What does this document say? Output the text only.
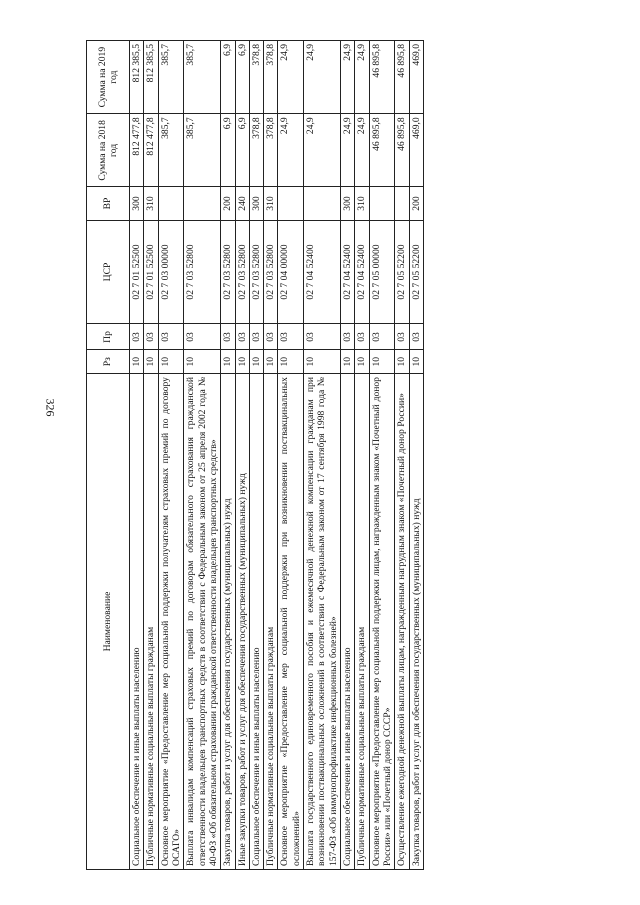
326
Наименование	Рз	Пр	ЦСР	ВР	Сумма на 2018 год	Сумма на 2019 год
Социальное обеспечение и иные выплаты населению	10	03	02 7 01 52500	300	812 477,8	812 385,5
Публичные нормативные социальные выплаты гражданам	10	03	02 7 01 52500	310	812 477,8	812 385,5
Основное мероприятие «Предоставление мер социальной поддержки получателям страховых премий по договору ОСАГО»	10	03	02 7 03 00000		385,7	385,7
Выплата инвалидам компенсаций страховых премий по договорам обязательного страхования гражданской ответственности владельцев транспортных средств в соответствии с Федеральным законом от 25 апреля 2002 года № 40-ФЗ «Об обязательном страховании гражданской ответственности владельцев транспортных средств»	10	03	02 7 03 52800		385,7	385,7
Закупка товаров, работ и услуг для обеспечения государственных (муниципальных) нужд	10	03	02 7 03 52800	200	6,9	6,9
Иные закупки товаров, работ и услуг для обеспечения государственных (муниципальных) нужд	10	03	02 7 03 52800	240	6,9	6,9
Социальное обеспечение и иные выплаты населению	10	03	02 7 03 52800	300	378,8	378,8
Публичные нормативные социальные выплаты гражданам	10	03	02 7 03 52800	310	378,8	378,8
Основное мероприятие «Предоставление мер социальной поддержки при возникновении поствакцинальных осложнений»	10	03	02 7 04 00000		24,9	24,9
Выплата государственного единовременного пособия и ежемесячной денежной компенсации гражданам при возникновении поствакцинальных осложнений в соответствии с Федеральным законом от 17 сентября 1998 года № 157-ФЗ «Об иммунопрофилактике инфекционных болезней»	10	03	02 7 04 52400		24,9	24,9
Социальное обеспечение и иные выплаты населению	10	03	02 7 04 52400	300	24,9	24,9
Публичные нормативные социальные выплаты гражданам	10	03	02 7 04 52400	310	24,9	24,9
Основное мероприятие «Предоставление мер социальной поддержки лицам, награжденным знаком «Почетный донор России» или «Почетный донор СССР»	10	03	02 7 05 00000		46 895,8	46 895,8
Осуществление ежегодной денежной выплаты лицам, награжденным нагрудным знаком «Почетный донор России»	10	03	02 7 05 52200		46 895,8	46 895,8
Закупка товаров, работ и услуг для обеспечения государственных (муниципальных) нужд	10	03	02 7 05 52200	200	469,0	469,0
